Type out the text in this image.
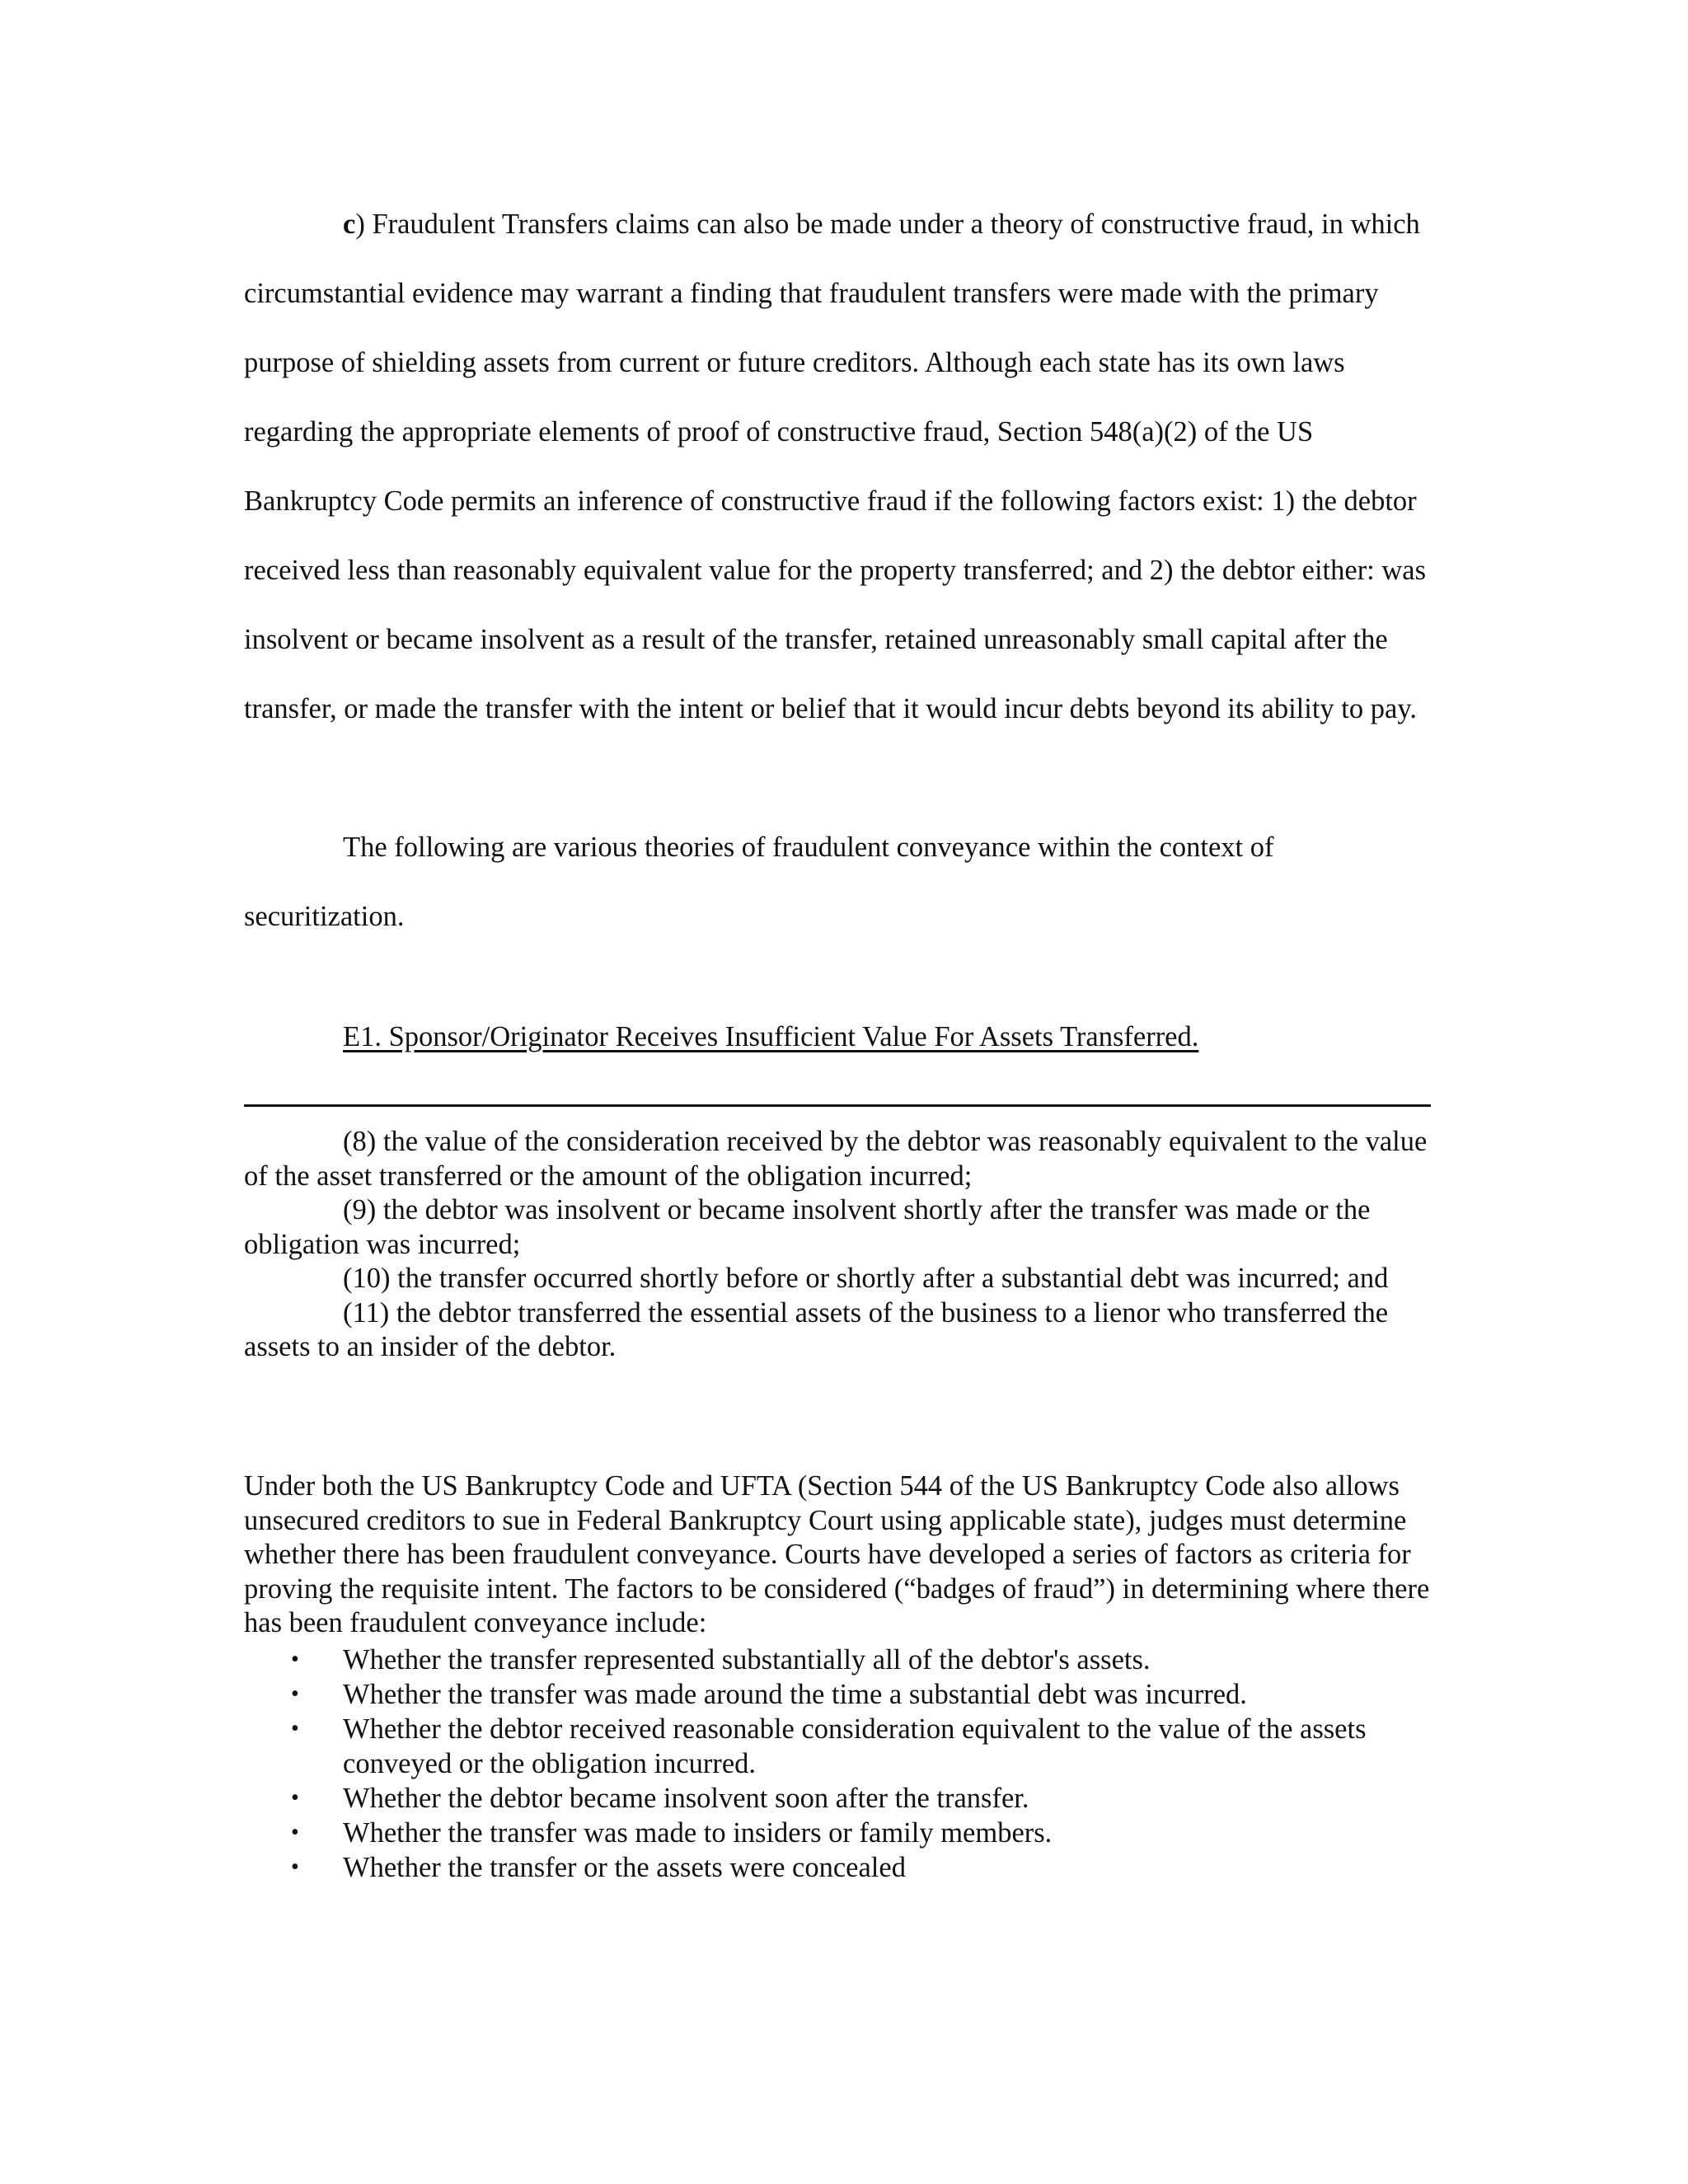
c) Fraudulent Transfers claims can also be made under a theory of constructive fraud, in which circumstantial evidence may warrant a finding that fraudulent transfers were made with the primary purpose of shielding assets from current or future creditors. Although each state has its own laws regarding the appropriate elements of proof of constructive fraud, Section 548(a)(2) of the US Bankruptcy Code permits an inference of constructive fraud if the following factors exist: 1) the debtor received less than reasonably equivalent value for the property transferred; and 2) the debtor either: was insolvent or became insolvent as a result of the transfer, retained unreasonably small capital after the transfer, or made the transfer with the intent or belief that it would incur debts beyond its ability to pay.

The following are various theories of fraudulent conveyance within the context of securitization.

E1. Sponsor/Originator Receives Insufficient Value For Assets Transferred.

(8) the value of the consideration received by the debtor was reasonably equivalent to the value of the asset transferred or the amount of the obligation incurred;

(9) the debtor was insolvent or became insolvent shortly after the transfer was made or the obligation was incurred;

(10) the transfer occurred shortly before or shortly after a substantial debt was incurred; and

(11) the debtor transferred the essential assets of the business to a lienor who transferred the assets to an insider of the debtor.

Under both the US Bankruptcy Code and UFTA (Section 544 of the US Bankruptcy Code also allows unsecured creditors to sue in Federal Bankruptcy Court using applicable state), judges must determine whether there has been fraudulent conveyance. Courts have developed a series of factors as criteria for proving the requisite intent. The factors to be considered (“badges of fraud”) in determining where there has been fraudulent conveyance include:

• Whether the transfer represented substantially all of the debtor's assets.
• Whether the transfer was made around the time a substantial debt was incurred.
• Whether the debtor received reasonable consideration equivalent to the value of the assets conveyed or the obligation incurred.
• Whether the debtor became insolvent soon after the transfer.
• Whether the transfer was made to insiders or family members.
• Whether the transfer or the assets were concealed
